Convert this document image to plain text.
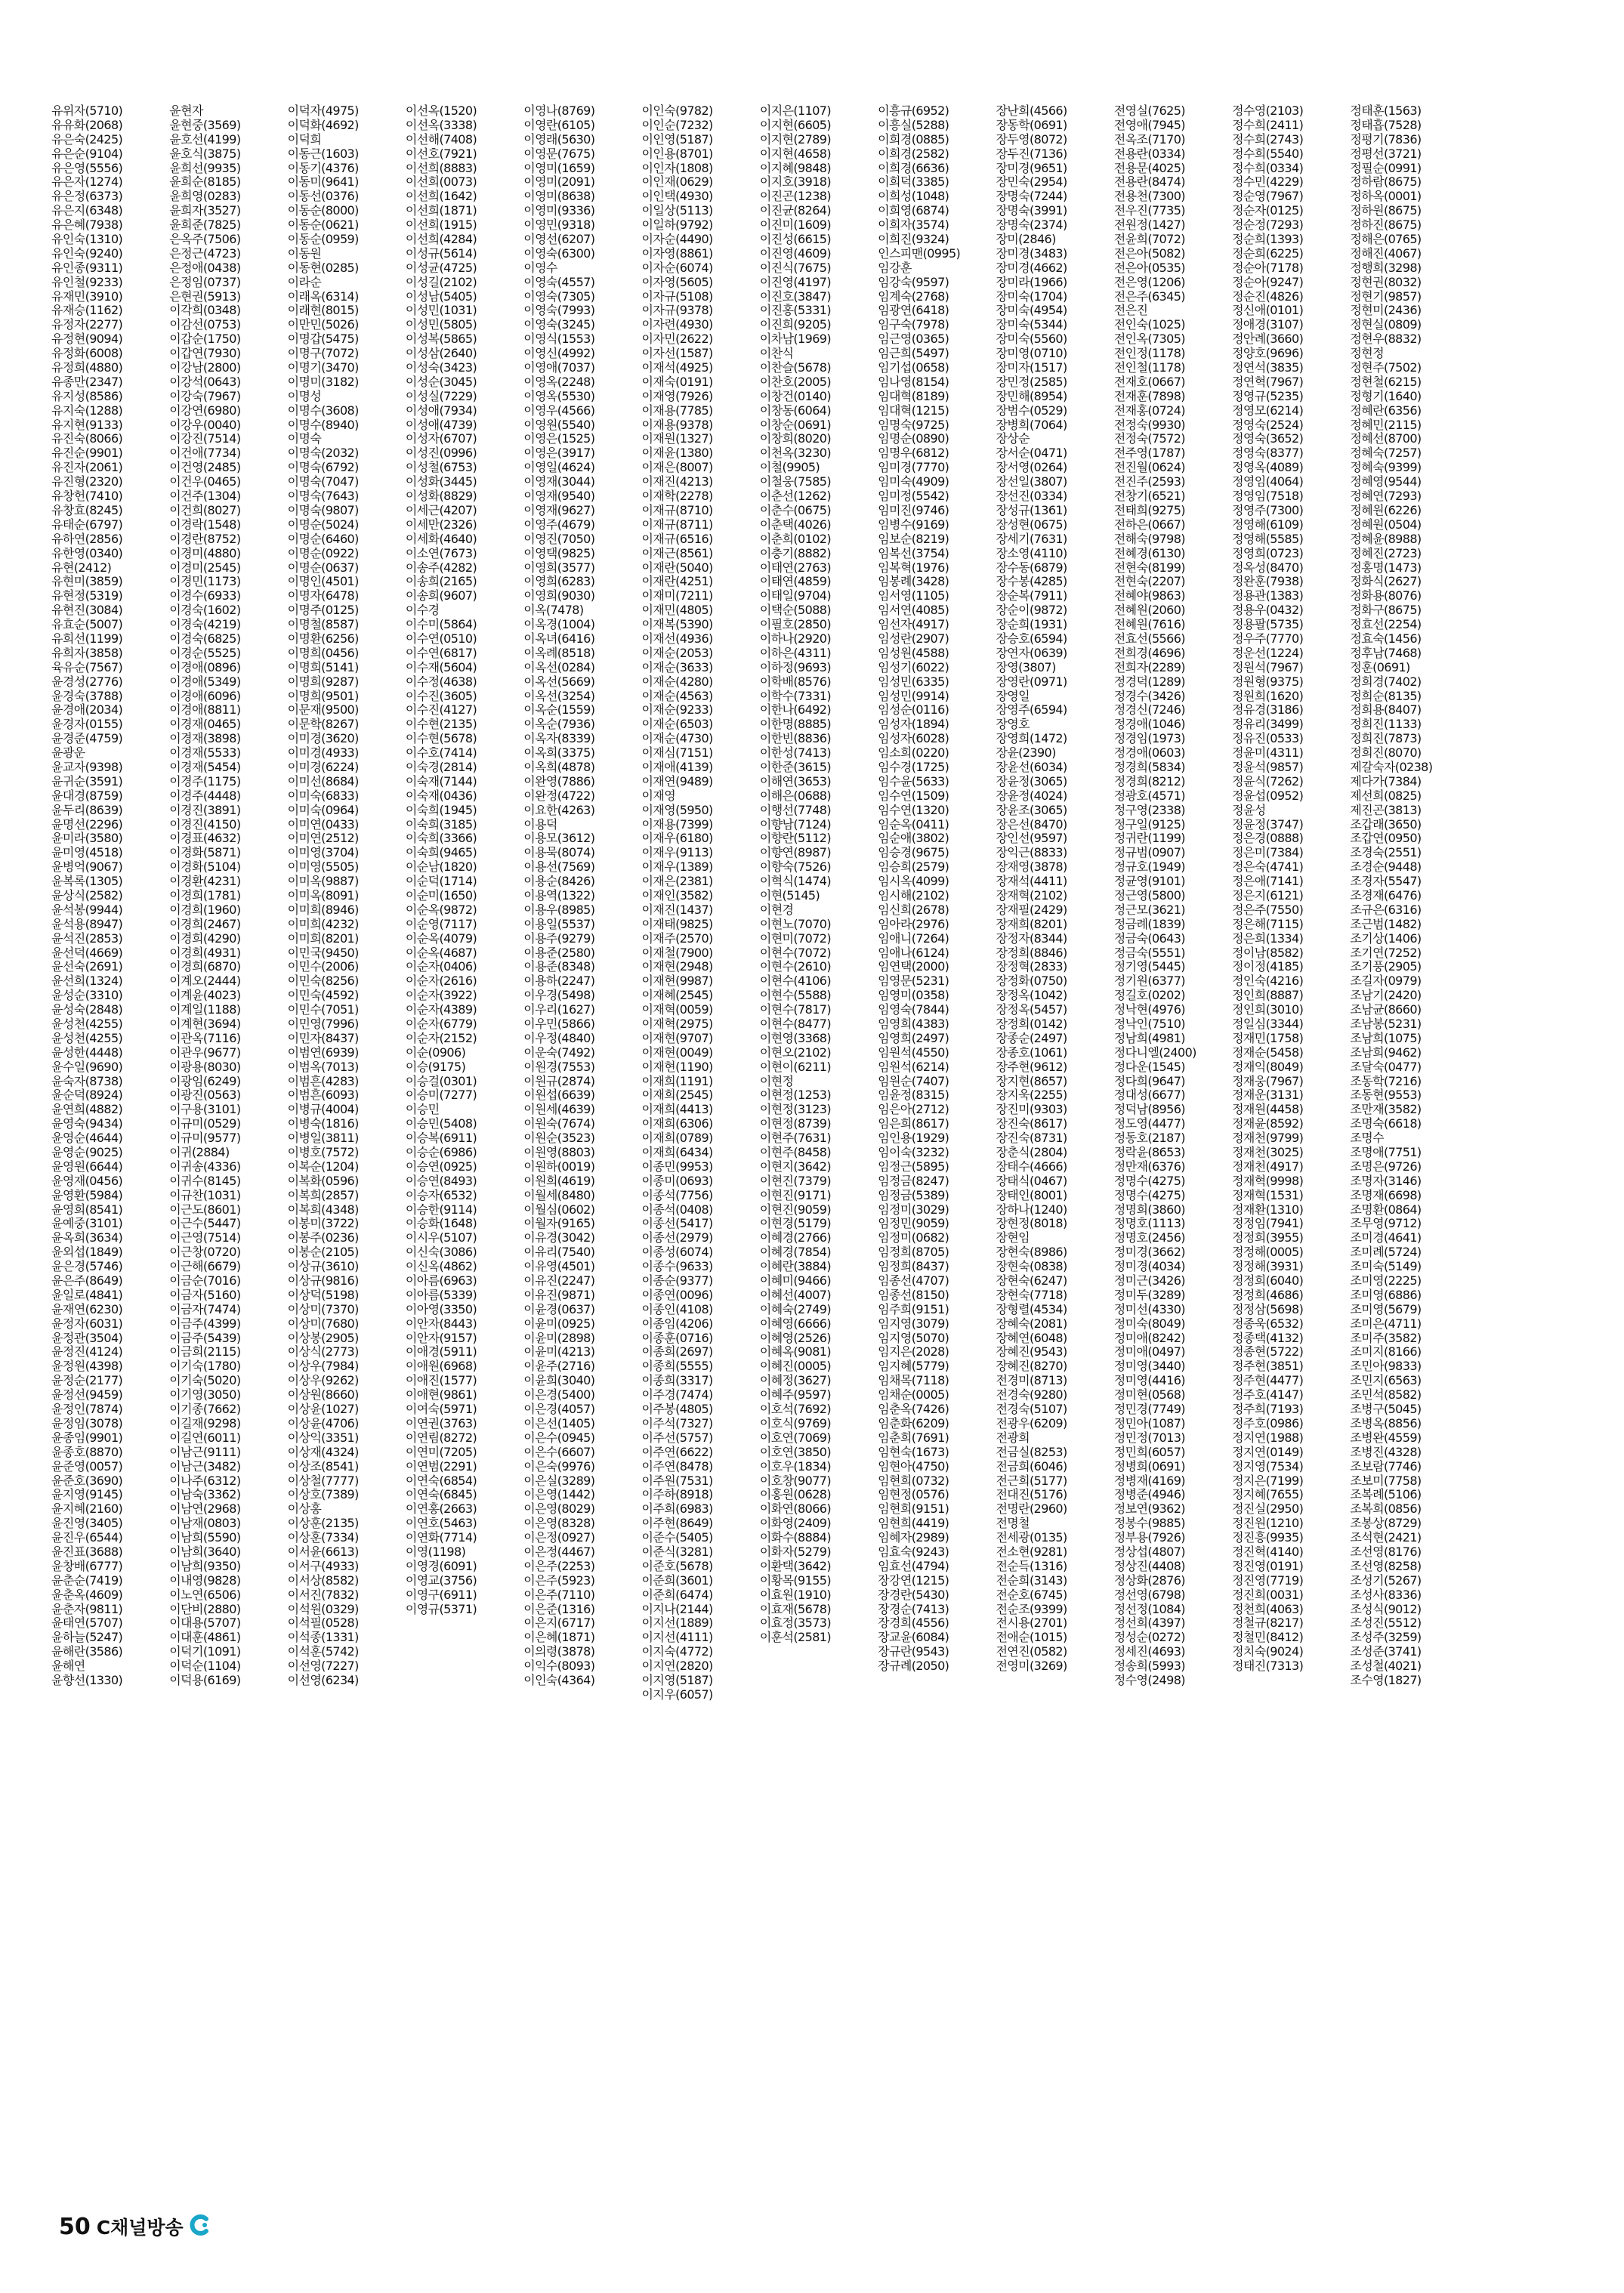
유위자(5710)
유유화(2068)
유은숙(2425)
유은순(9104)
유은영(5556)
유은자(1274)
유은정(6373)
유은지(6348)
유은혜(7938)
유인숙(1310)
유인숙(9240)
유인종(9311)
유인철(9233)
유재민(3910)
유재승(1162)
유정자(2277)
유정현(9094)
유정화(6008)
유정희(4880)
유종만(2347)
유지성(8586)
유지숙(1288)
유지현(9133)
유진숙(8066)
유진순(9901)
유진자(2061)
유진형(2320)
유창헌(7410)
유창효(8245)
유태순(6797)
유하연(2856)
유한영(0340)
유현(2412)
유현미(3859)
유현정(5319)
유현진(3084)
유효순(5007)
유희선(1199)
유희자(3858)
육유순(7567)
윤경성(2776)
윤경숙(3788)
윤경애(2034)
윤경자(0155)
윤경준(4759)
윤광운
윤교자(9398)
윤귀순(3591)
윤대경(8759)
윤두리(8639)
윤명선(2296)
윤미라(3580)
윤미영(4518)
윤병억(9067)
윤복록(1305)
윤상식(2582)
윤석봉(9944)
윤석용(8947)
윤석진(2853)
윤선덕(4669)
윤선숙(2691)
윤선희(1324)
윤성순(3310)
윤성숙(2848)
윤성천(4255)
윤성천(4255)
윤성한(4448)
윤수일(9690)
윤숙자(8738)
윤순덕(8924)
윤연희(4882)
윤영숙(9434)
윤영순(4644)
윤영순(9025)
윤영원(6644)
윤영재(0456)
윤영환(5984)
윤영희(8541)
윤예중(3101)
윤옥희(3634)
윤외섭(1849)
윤은경(5746)
윤은주(8649)
윤일로(4841)
윤재연(6230)
윤정자(6031)
윤정관(3504)
윤정진(4124)
윤정원(4398)
윤정순(2177)
윤정선(9459)
윤정인(7874)
윤정임(3078)
윤종임(9901)
윤종호(8870)
윤준영(0057)
윤준호(3690)
윤지영(9145)
윤지혜(2160)
윤진영(3405)
윤진우(6544)
윤진표(3688)
윤창배(6777)
윤춘순(7419)
윤춘옥(4609)
윤춘자(9811)
윤태연(5707)
윤하늘(5247)
윤해란(3586)
윤해연
윤향선(1330)
윤현자
윤현중(3569)
윤호선(4199)
윤호식(3875)
윤희선(9935)
윤희순(8185)
윤희영(0283)
윤희자(3527)
윤희준(7825)
은옥주(7506)
은정근(4723)
은정애(0438)
은정임(0737)
은현권(5913)
이각희(0348)
이감선(0753)
이갑순(1750)
이갑연(7930)
이강남(2800)
이강석(0643)
이강숙(7967)
이강연(6980)
이강우(0040)
이강진(7514)
이건애(7734)
이건영(2485)
이건우(0465)
이건주(1304)
이건희(8027)
이경락(1548)
이경란(8752)
이경미(4880)
이경미(2545)
이경민(1173)
이경수(6933)
이경숙(1602)
이경숙(4219)
이경숙(6825)
이경순(5525)
이경애(0896)
이경애(5349)
이경애(6096)
이경애(8811)
이경재(0465)
이경재(3898)
이경재(5533)
이경재(5454)
이경주(1175)
이경주(4448)
이경진(3891)
이경진(4150)
이경표(4632)
이경화(5871)
이경화(5104)
이경환(4231)
이경희(1781)
이경희(1960)
이경희(2467)
이경희(4290)
이경희(4931)
이경희(6870)
이계오(2444)
이계윤(4023)
이계일(1188)
이계현(3694)
이관옥(7116)
이관우(9677)
이광용(8030)
이광임(6249)
이광진(0563)
이구용(3101)
이규미(0529)
이규미(9577)
이귀(2884)
이귀송(4336)
이귀수(8145)
이규찬(1031)
이근도(8601)
이근수(5447)
이근영(7514)
이근창(0720)
이근해(6679)
이금순(7016)
이금자(5160)
이금자(7474)
이금주(4399)
이금주(5439)
이금희(2115)
이기숙(1780)
이기숙(5020)
이기영(3050)
이기종(7662)
이길재(9298)
이길연(6011)
이남근(9111)
이남근(3482)
이나주(6312)
이남숙(3362)
이남연(2968)
이남재(0803)
이남희(5590)
이남희(3640)
이남희(9350)
이내영(9828)
이노연(6506)
이단비(2880)
이대용(5707)
이대훈(4861)
이덕기(1091)
이덕순(1104)
이덕용(6169)
이덕자(4975)
이덕화(4692)
이덕희
이동근(1603)
이동기(4376)
이동미(9641)
이동선(0376)
이동순(8000)
이동순(0621)
이동순(0959)
이동원
이동현(0285)
이라순
이래옥(6314)
이래현(8015)
이만민(5026)
이명갑(5475)
이명구(7072)
이명기(3470)
이명미(3182)
이명성
이명수(3608)
이명수(8940)
이명숙
이명숙(2032)
이명숙(6792)
이명숙(7047)
이명숙(7643)
이명숙(9807)
이명순(5024)
이명순(6460)
이명순(0922)
이명순(0637)
이명인(4501)
이명자(6478)
이명주(0125)
이명철(8587)
이명환(6256)
이명희(0456)
이명희(5141)
이명희(9287)
이명희(9501)
이문재(9500)
이문학(8267)
이미경(3620)
이미경(4933)
이미경(6224)
이미선(8684)
이미숙(6833)
이미숙(0964)
이미연(0433)
이미연(2512)
이미영(3704)
이미영(5505)
이미옥(9887)
이미옥(8091)
이미희(8946)
이미희(4232)
이미희(8201)
이민국(9450)
이민수(2006)
이민숙(8256)
이민숙(4592)
이민수(7051)
이민영(7996)
이민자(8437)
이범연(6939)
이범옥(7013)
이범흔(4283)
이범흔(6093)
이병규(4004)
이병숙(1816)
이병일(3811)
이병호(7572)
이복순(1204)
이복화(0596)
이복희(2857)
이복희(4348)
이봉미(3722)
이봉주(0236)
이봉순(2105)
이상규(3610)
이상규(9816)
이상덕(5198)
이상미(7370)
이상미(7680)
이상봉(2905)
이상식(2773)
이상우(7984)
이상우(9262)
이상원(8660)
이상윤(1027)
이상윤(4706)
이상익(3351)
이상재(4324)
이상조(8541)
이상철(7777)
이상호(7389)
이상홍
이상훈(2135)
이상훈(7334)
이서윤(6613)
이서구(4933)
이서상(8582)
이서진(7832)
이석원(0329)
이석필(0528)
이석종(1331)
이석훈(5742)
이선영(7227)
이선영(6234)
이선옥(1520)
이선옥(3338)
이선해(7408)
이선호(7921)
이선희(8883)
이선희(0073)
이선희(1642)
이선희(1871)
이선희(1915)
이선희(4284)
이성규(5614)
이성균(4725)
이성길(2102)
이성남(5405)
이성민(1031)
이성민(5805)
이성복(5865)
이성삼(2640)
이성숙(3423)
이성순(3045)
이성실(7229)
이성애(7934)
이성애(4739)
이성자(6707)
이성진(0996)
이성철(6753)
이성화(3445)
이성화(8829)
이세근(4207)
이세만(2326)
이세화(4640)
이소연(7673)
이송주(4282)
이송희(2165)
이송희(9607)
이수경
이수미(5864)
이수연(0510)
이수연(6817)
이수재(5604)
이수정(4638)
이수진(3605)
이수진(4127)
이수현(2135)
이수현(5678)
이수호(7414)
이숙경(2814)
이숙재(7144)
이숙재(0436)
이숙희(1945)
이숙희(3185)
이숙희(3366)
이숙희(9465)
이순남(1820)
이순덕(1714)
이순미(1650)
이순옥(9872)
이순영(7117)
이순옥(4079)
이순옥(4687)
이순자(0406)
이순자(2616)
이순자(3922)
이순자(4389)
이순자(6779)
이순자(2152)
이순(0906)
이승(9175)
이승걸(0301)
이승미(7277)
이승민
이승민(5408)
이승복(6911)
이승순(6986)
이승연(0925)
이승연(8493)
이승자(6532)
이승한(9114)
이승화(1648)
이시우(5107)
이신숙(3086)
이신옥(4862)
이아름(6963)
이아름(5339)
이아영(3350)
이안자(8443)
이안자(9157)
이애경(5911)
이애원(6968)
이애진(1577)
이애현(9861)
이여숙(5971)
이연권(3763)
이연림(8272)
이연미(7205)
이연범(2291)
이연숙(6854)
이연숙(6845)
이연홍(2663)
이연호(5463)
이연화(7714)
이영(1198)
이영경(6091)
이영교(3756)
이영구(6911)
이영규(5371)
이영나(8769)
이영란(6105)
이영래(5630)
이영문(7675)
이영미(1659)
이영미(2091)
이영미(8638)
이영미(9336)
이영민(9318)
이영선(6207)
이영숙(6300)
이영수
이영숙(4557)
이영숙(7305)
이영숙(7993)
이영숙(3245)
이영식(1553)
이영신(4992)
이영애(7037)
이영옥(2248)
이영옥(5530)
이영우(4566)
이영원(5540)
이영은(1525)
이영은(3917)
이영일(4624)
이영재(3044)
이영재(9540)
이영재(9627)
이영주(4679)
이영진(7050)
이영택(9825)
이영희(3577)
이영희(6283)
이영희(9030)
이옥(7478)
이옥경(1004)
이옥녀(6416)
이옥례(8518)
이옥선(0284)
이옥선(5669)
이옥선(3254)
이옥순(1559)
이옥순(7936)
이옥자(8339)
이옥희(3375)
이옥희(4878)
이완영(7886)
이완정(4722)
이요한(4263)
이용덕
이용모(3612)
이용묵(8074)
이용선(7569)
이용순(8426)
이용역(1322)
이용우(8985)
이용일(5537)
이용주(9279)
이용준(2580)
이용준(8348)
이용하(2247)
이우경(5498)
이우리(1627)
이우민(5866)
이우정(4840)
이운숙(7492)
이원경(7553)
이원규(2874)
이원섭(6639)
이원세(4639)
이원숙(7674)
이원순(3523)
이원영(8803)
이원하(0019)
이원희(4619)
이월세(8480)
이월심(0602)
이월자(9165)
이유경(3042)
이유리(7540)
이유영(4501)
이유진(2247)
이유진(9871)
이윤경(0637)
이윤미(0925)
이윤미(2898)
이윤미(4213)
이윤주(2716)
이윤희(3040)
이은경(5400)
이은경(4057)
이은선(1405)
이은수(0945)
이은수(6607)
이은숙(9976)
이은실(3289)
이은영(1442)
이은영(8029)
이은영(8328)
이은정(0927)
이은정(4467)
이은주(2253)
이은주(5923)
이은주(7110)
이은준(1316)
이은지(6717)
이은혜(1871)
이의령(3878)
이익수(8093)
이인숙(4364)
이인숙(9782)
이인순(7232)
이인영(5187)
이인용(8701)
이인자(1808)
이인재(0629)
이인택(4930)
이일상(5113)
이일하(9792)
이자순(4490)
이자영(8861)
이자순(6074)
이자영(5605)
이자규(5108)
이자규(9378)
이자련(4930)
이자민(2622)
이자선(1587)
이재석(4925)
이재숙(0191)
이재영(7926)
이재용(7785)
이재용(9378)
이재원(1327)
이재윤(1380)
이재은(8007)
이재진(4213)
이재학(2278)
이재규(8710)
이재규(8711)
이재규(6516)
이재근(8561)
이재란(5040)
이재란(4251)
이재미(7211)
이재민(4805)
이재복(5390)
이재선(4936)
이재순(2053)
이재순(3633)
이재순(4280)
이재순(4563)
이재순(9233)
이재순(6503)
이재순(4730)
이재심(7151)
이재애(4139)
이재연(9489)
이재영
이재영(5950)
이재용(7399)
이재우(6180)
이재우(9113)
이재우(1389)
이재은(2381)
이재인(3582)
이재진(1437)
이재태(9825)
이재주(2570)
이재철(7900)
이재현(2948)
이재현(9987)
이재혜(2545)
이재혁(0059)
이재혁(2975)
이재현(9707)
이재현(0049)
이재현(1190)
이재희(1191)
이재희(2545)
이재희(4413)
이재희(6306)
이재희(0789)
이재희(6434)
이종민(9953)
이종미(0693)
이종석(7756)
이종석(0408)
이종선(5417)
이종선(2979)
이종성(6074)
이종수(9633)
이종순(9377)
이종연(0096)
이종인(4108)
이종임(4206)
이종훈(0716)
이종희(2697)
이종희(5555)
이종희(3317)
이주경(7474)
이주봉(4805)
이주석(7327)
이주선(5757)
이주연(6622)
이주연(8478)
이주원(7531)
이주하(8918)
이주희(6983)
이주현(8649)
이준수(5405)
이준식(3281)
이준호(5678)
이준희(3601)
이준희(6474)
이지나(2144)
이지선(1889)
이지선(4111)
이지숙(4772)
이지연(2820)
이지영(5187)
이지우(6057)
이지은(1107)
이지현(6605)
이지현(2789)
이지현(4658)
이지혜(9848)
이지호(3918)
이진곤(1238)
이진균(8264)
이진미(1609)
이진성(6615)
이진영(4609)
이진식(7675)
이진영(4197)
이진호(3847)
이진홍(5331)
이진희(9205)
이차남(1969)
이찬식
이찬슬(5678)
이찬호(2005)
이창건(0140)
이창동(6064)
이창순(0691)
이창희(8020)
이천옥(3230)
이철(9905)
이철웅(7585)
이춘선(1262)
이춘수(0675)
이춘택(4026)
이춘희(0102)
이충기(8882)
이태연(2763)
이태연(4859)
이태일(9704)
이택순(5088)
이필호(2850)
이하나(2920)
이하은(4311)
이하정(9693)
이학배(8576)
이학수(7331)
이한나(6492)
이한명(8885)
이한빈(8836)
이한성(7413)
이한준(3615)
이해연(3653)
이해은(0688)
이행선(7748)
이향남(7124)
이향란(5112)
이향연(8987)
이향숙(7526)
이혁식(1474)
이현(5145)
이현경
이현노(7070)
이현미(7072)
이현수(7072)
이현수(2610)
이현수(4106)
이현수(5588)
이현수(7817)
이현수(8477)
이현영(3368)
이현오(2102)
이현이(6211)
이현정
이현정(1253)
이현정(3123)
이현정(8739)
이현주(7631)
이현주(8458)
이현지(3642)
이현진(7379)
이현진(9171)
이현진(9059)
이현경(5179)
이혜경(2766)
이혜경(7854)
이혜란(3884)
이혜미(9466)
이혜선(4007)
이혜숙(2749)
이혜영(6666)
이혜영(2526)
이혜옥(9081)
이혜진(0005)
이혜정(3627)
이혜주(9597)
이호석(7692)
이호식(9769)
이호연(7069)
이호연(3850)
이호우(1834)
이호창(9077)
이홍원(0628)
이화연(8066)
이화영(2409)
이화수(8884)
이화자(5279)
이환택(3642)
이황목(9155)
이효원(1910)
이효재(5678)
이효정(3573)
이훈석(2581)
이흥규(6952)
이흥실(5288)
이희경(0885)
이희경(2582)
이희경(6636)
이희덕(3385)
이희성(1048)
이희영(6874)
이희자(3574)
이희진(9324)
인스피맨(0995)
임강훈
임강숙(9597)
임계숙(2768)
임광연(6418)
임구숙(7978)
임근영(0365)
임근희(5497)
임기섭(0658)
임나영(8154)
임대혁(8189)
임대혁(1215)
임명숙(9725)
임명순(0890)
임명우(6812)
임미경(7770)
임미숙(4909)
임미정(5542)
임미진(9746)
임병수(9169)
임보순(8219)
임복선(3754)
임복혁(1976)
임봉례(3428)
임서영(1105)
임서연(4085)
임선자(4917)
임성란(2907)
임성원(4588)
임성기(6022)
임성민(6335)
임성민(9914)
임성순(0116)
임성자(1894)
임성자(6028)
임소희(0220)
임수경(1725)
임수윤(5633)
임수연(1509)
임수연(1320)
임순옥(0411)
임순애(3802)
임승경(9675)
임승희(2579)
임시옥(4099)
임시해(2102)
임신희(2678)
임아라(2976)
임애니(7264)
임애나(6124)
임연택(2000)
임영문(5231)
임영미(0358)
임영숙(7844)
임영희(4383)
임영희(2497)
임원석(4550)
임원석(6214)
임원순(7407)
임윤정(8315)
임은아(2712)
임은희(8617)
임인용(1929)
임이숙(3232)
임정근(5895)
임정금(8247)
임정금(5389)
임정미(3029)
임정민(9059)
임정미(0682)
임정희(8705)
임정희(8437)
임종선(4707)
임종선(8150)
임주희(9151)
임지영(3079)
임지영(5070)
임지은(2028)
임지혜(5779)
임채목(7118)
임채순(0005)
임춘옥(7426)
임춘화(6209)
임춘희(7691)
임현숙(1673)
임현아(4750)
임현희(0732)
임현정(0576)
임현희(9151)
임현희(4419)
임혜자(2989)
임효숙(9243)
임효선(4794)
장강연(1215)
장경란(5430)
장경순(7413)
장경희(4556)
장교윤(6084)
장규란(9543)
장규례(2050)
장난희(4566)
장동학(0691)
장두영(8072)
장두진(7136)
장미경(9651)
장민숙(2954)
장명숙(7244)
장명숙(3991)
장명숙(2374)
장미(2846)
장미경(3483)
장미경(4662)
장미라(1966)
장미숙(1704)
장미숙(4954)
장미숙(5344)
장미숙(5560)
장미영(0710)
장미자(1517)
장민정(2585)
장민해(8954)
장범수(0529)
장병희(7064)
장상순
장서순(0471)
장서영(0264)
장선일(3807)
장선진(0334)
장성규(1361)
장성현(0675)
장세기(7631)
장소영(4110)
장수동(6879)
장수봉(4285)
장순복(7911)
장순이(9872)
장순희(1931)
장승호(6594)
장연자(0639)
장영(3807)
장영란(0971)
장영일
장영주(6594)
장영호
장영희(1472)
장윤(2390)
장윤선(6034)
장윤정(3065)
장윤정(4024)
장윤조(3065)
장은선(8470)
장인선(9597)
장익근(8833)
장재영(3878)
장재석(4411)
장재혁(2102)
장재필(2429)
장재희(8201)
장정자(8344)
장정희(8846)
장정혁(2833)
장정화(0750)
장정옥(1042)
장정옥(5457)
장정희(0142)
장종순(2497)
장종호(1061)
장주현(9612)
장지현(8657)
장지욱(2255)
장진미(9303)
장진숙(8617)
장진숙(8731)
장춘식(2804)
장태수(4666)
장태식(0467)
장태인(8001)
장하나(1240)
장현정(8018)
장현임
장현숙(8986)
장현숙(0838)
장현숙(6247)
장현숙(7718)
장형렬(4534)
장혜숙(2081)
장혜연(6048)
장혜진(9543)
장혜진(8270)
전경미(8713)
전경숙(9280)
전경숙(5107)
전광우(6209)
전광희
전금실(8253)
전금희(6046)
전근희(5177)
전대진(5176)
전명란(2960)
전명철
전세광(0135)
전소현(9281)
전순득(1316)
전순희(3143)
전순호(6745)
전순조(9399)
전시용(2701)
전애순(1015)
전연진(0582)
전영미(3269)
전영실(7625)
전영애(7945)
전옥조(7170)
전용란(0334)
전용문(4025)
전용란(8474)
전용천(7300)
전우진(7735)
전원정(1427)
전윤희(7072)
전은아(5082)
전은아(0535)
전은영(1206)
전은주(6345)
전은진
전인숙(1025)
전인옥(7305)
전인정(1178)
전인철(1178)
전재호(0667)
전재훈(7898)
전재홍(0724)
전정숙(9930)
전정숙(7572)
전주영(1787)
전진월(0624)
전진주(2593)
전창기(6521)
전태희(9275)
전하은(0667)
전해숙(9798)
전혜경(6130)
전현숙(8199)
전현숙(2207)
전혜야(9863)
전혜원(2060)
전혜원(7616)
전효선(5566)
전희경(4696)
전희자(2289)
정경덕(1289)
정경수(3426)
정경신(7246)
정경애(1046)
정경임(1973)
정경애(0603)
정경희(5834)
정경희(8212)
정광호(4571)
정구영(2338)
정구일(9125)
정귀란(1199)
정규범(0907)
정규호(1949)
정균영(9101)
정근영(5800)
정근모(3621)
정금례(1839)
정금숙(0643)
정금숙(5551)
정기영(5445)
정기원(6377)
정길호(0202)
정낙현(4976)
정낙인(7510)
정남희(4981)
정다니엘(2400)
정다운(1545)
정다희(9647)
정대성(6677)
정덕남(8956)
정도영(4477)
정동호(2187)
정락윤(8653)
정만재(6376)
정명수(4275)
정명수(4275)
정명희(3860)
정명호(1113)
정명호(2456)
정미경(3662)
정미경(4034)
정미근(3426)
정미두(3289)
정미선(4330)
정미숙(8049)
정미애(8242)
정미애(0497)
정미영(3440)
정미영(4416)
정미현(0568)
정민경(7749)
정민아(1087)
정민정(7013)
정민희(6057)
정병희(0691)
정병재(4169)
정병준(4946)
정보연(9362)
정봉수(9885)
정부용(7926)
정상섭(4807)
정상진(4408)
정상화(2876)
정선영(6798)
정선정(1084)
정선희(4397)
정성순(0272)
정세진(4693)
정송희(5993)
정수영(2498)
정수영(2103)
정수희(2411)
정수희(2743)
정수희(5540)
정수희(0334)
정수민(4229)
정순영(7967)
정순자(0125)
정순정(7293)
정순희(1393)
정순희(6225)
정순아(7178)
정순아(9247)
정순진(4826)
정신애(0101)
정애경(3107)
정안례(3660)
정양호(9696)
정연석(3835)
정연혁(7967)
정영규(5235)
정영모(6214)
정영숙(2524)
정영숙(3652)
정영숙(8377)
정영옥(4089)
정영임(4064)
정영임(7518)
정영주(7300)
정영해(6109)
정영해(5585)
정영희(0723)
정옥성(8470)
정완훈(7938)
정용관(1383)
정용우(0432)
정용팔(5735)
정우주(7770)
정운선(1224)
정원석(7967)
정원형(9375)
정원희(1620)
정유경(3186)
정유리(3499)
정유진(0533)
정윤미(4311)
정윤석(9857)
정윤식(7262)
정윤섭(0952)
정윤성
정윤정(3747)
정은경(0888)
정은미(7384)
정은숙(4741)
정은애(7141)
정은지(6121)
정은주(7550)
정은해(7115)
정은희(1334)
정이남(8582)
정이정(4185)
정인숙(4216)
정인희(8887)
정인희(3010)
정일심(3344)
정재민(1758)
정재순(5458)
정재익(8049)
정재웅(7967)
정재운(3131)
정재원(4458)
정재윤(8592)
정재천(9799)
정재천(3025)
정재천(4917)
정재혁(9998)
정재혁(1531)
정재환(1310)
정정임(7941)
정정희(3955)
정정해(0005)
정정해(3931)
정정희(6040)
정정희(4686)
정정삼(5698)
정종욱(6532)
정종택(4132)
정종현(5722)
정주현(3851)
정주현(4477)
정주호(4147)
정주희(7193)
정주호(0986)
정지연(1988)
정지연(0149)
정지영(7534)
정지은(7199)
정지혜(7655)
정진실(2950)
정진원(1210)
정진흥(9935)
정진혁(4140)
정진영(0191)
정진영(7719)
정진희(0031)
정천희(4063)
정철규(8217)
정철민(8412)
정치숙(9024)
정태진(7313)
정태훈(1563)
정태흡(7528)
정평기(7836)
정평선(3721)
정필순(0991)
정하람(8675)
정하옥(0001)
정하원(8675)
정하진(8675)
정해은(0765)
정해진(4067)
정행희(3298)
정현권(8032)
정현기(9857)
정현미(2436)
정현실(0809)
정현우(8832)
정현정
정현주(7502)
정현철(6215)
정형기(1640)
정혜란(6356)
정혜민(2115)
정혜선(8700)
정혜숙(7257)
정혜숙(9399)
정혜영(9544)
정혜연(7293)
정혜원(6226)
정혜원(0504)
정혜윤(8988)
정혜진(2723)
정홍명(1473)
정화식(2627)
정화용(8076)
정화구(8675)
정효선(2254)
정효숙(1456)
정후남(7468)
정훈(0691)
정희경(7402)
정희순(8135)
정희용(8407)
정희진(1133)
정희진(7873)
정희진(8070)
제갈숙자(0238)
제다가(7384)
제선희(0825)
제진곤(3813)
조갑래(3650)
조갑연(0950)
조경숙(2551)
조경순(9448)
조경자(5547)
조경재(6476)
조규은(6316)
조근범(1482)
조기상(1406)
조기연(7252)
조기풍(2905)
조길자(0979)
조남기(2420)
조남균(8660)
조남봉(5231)
조남희(1075)
조남희(9462)
조달숙(0477)
조동학(7216)
조동현(9553)
조만재(3582)
조명숙(6618)
조명수
조명애(7751)
조명은(9726)
조명자(3146)
조명재(6698)
조명환(0864)
조무영(9712)
조미경(4641)
조미례(5724)
조미숙(5149)
조미영(2225)
조미영(6886)
조미영(5679)
조미은(4711)
조미주(3582)
조미지(8166)
조민아(9833)
조민지(6563)
조민석(8582)
조병구(5045)
조병옥(8856)
조병완(4559)
조병진(4328)
조보람(7746)
조보미(7758)
조복례(5106)
조복희(0856)
조봉상(8729)
조석현(2421)
조선영(8176)
조선영(8258)
조성기(5267)
조성사(8336)
조성식(9012)
조성진(5512)
조성주(3259)
조성준(3741)
조성철(4021)
조수영(1827)
50 C채널방송
